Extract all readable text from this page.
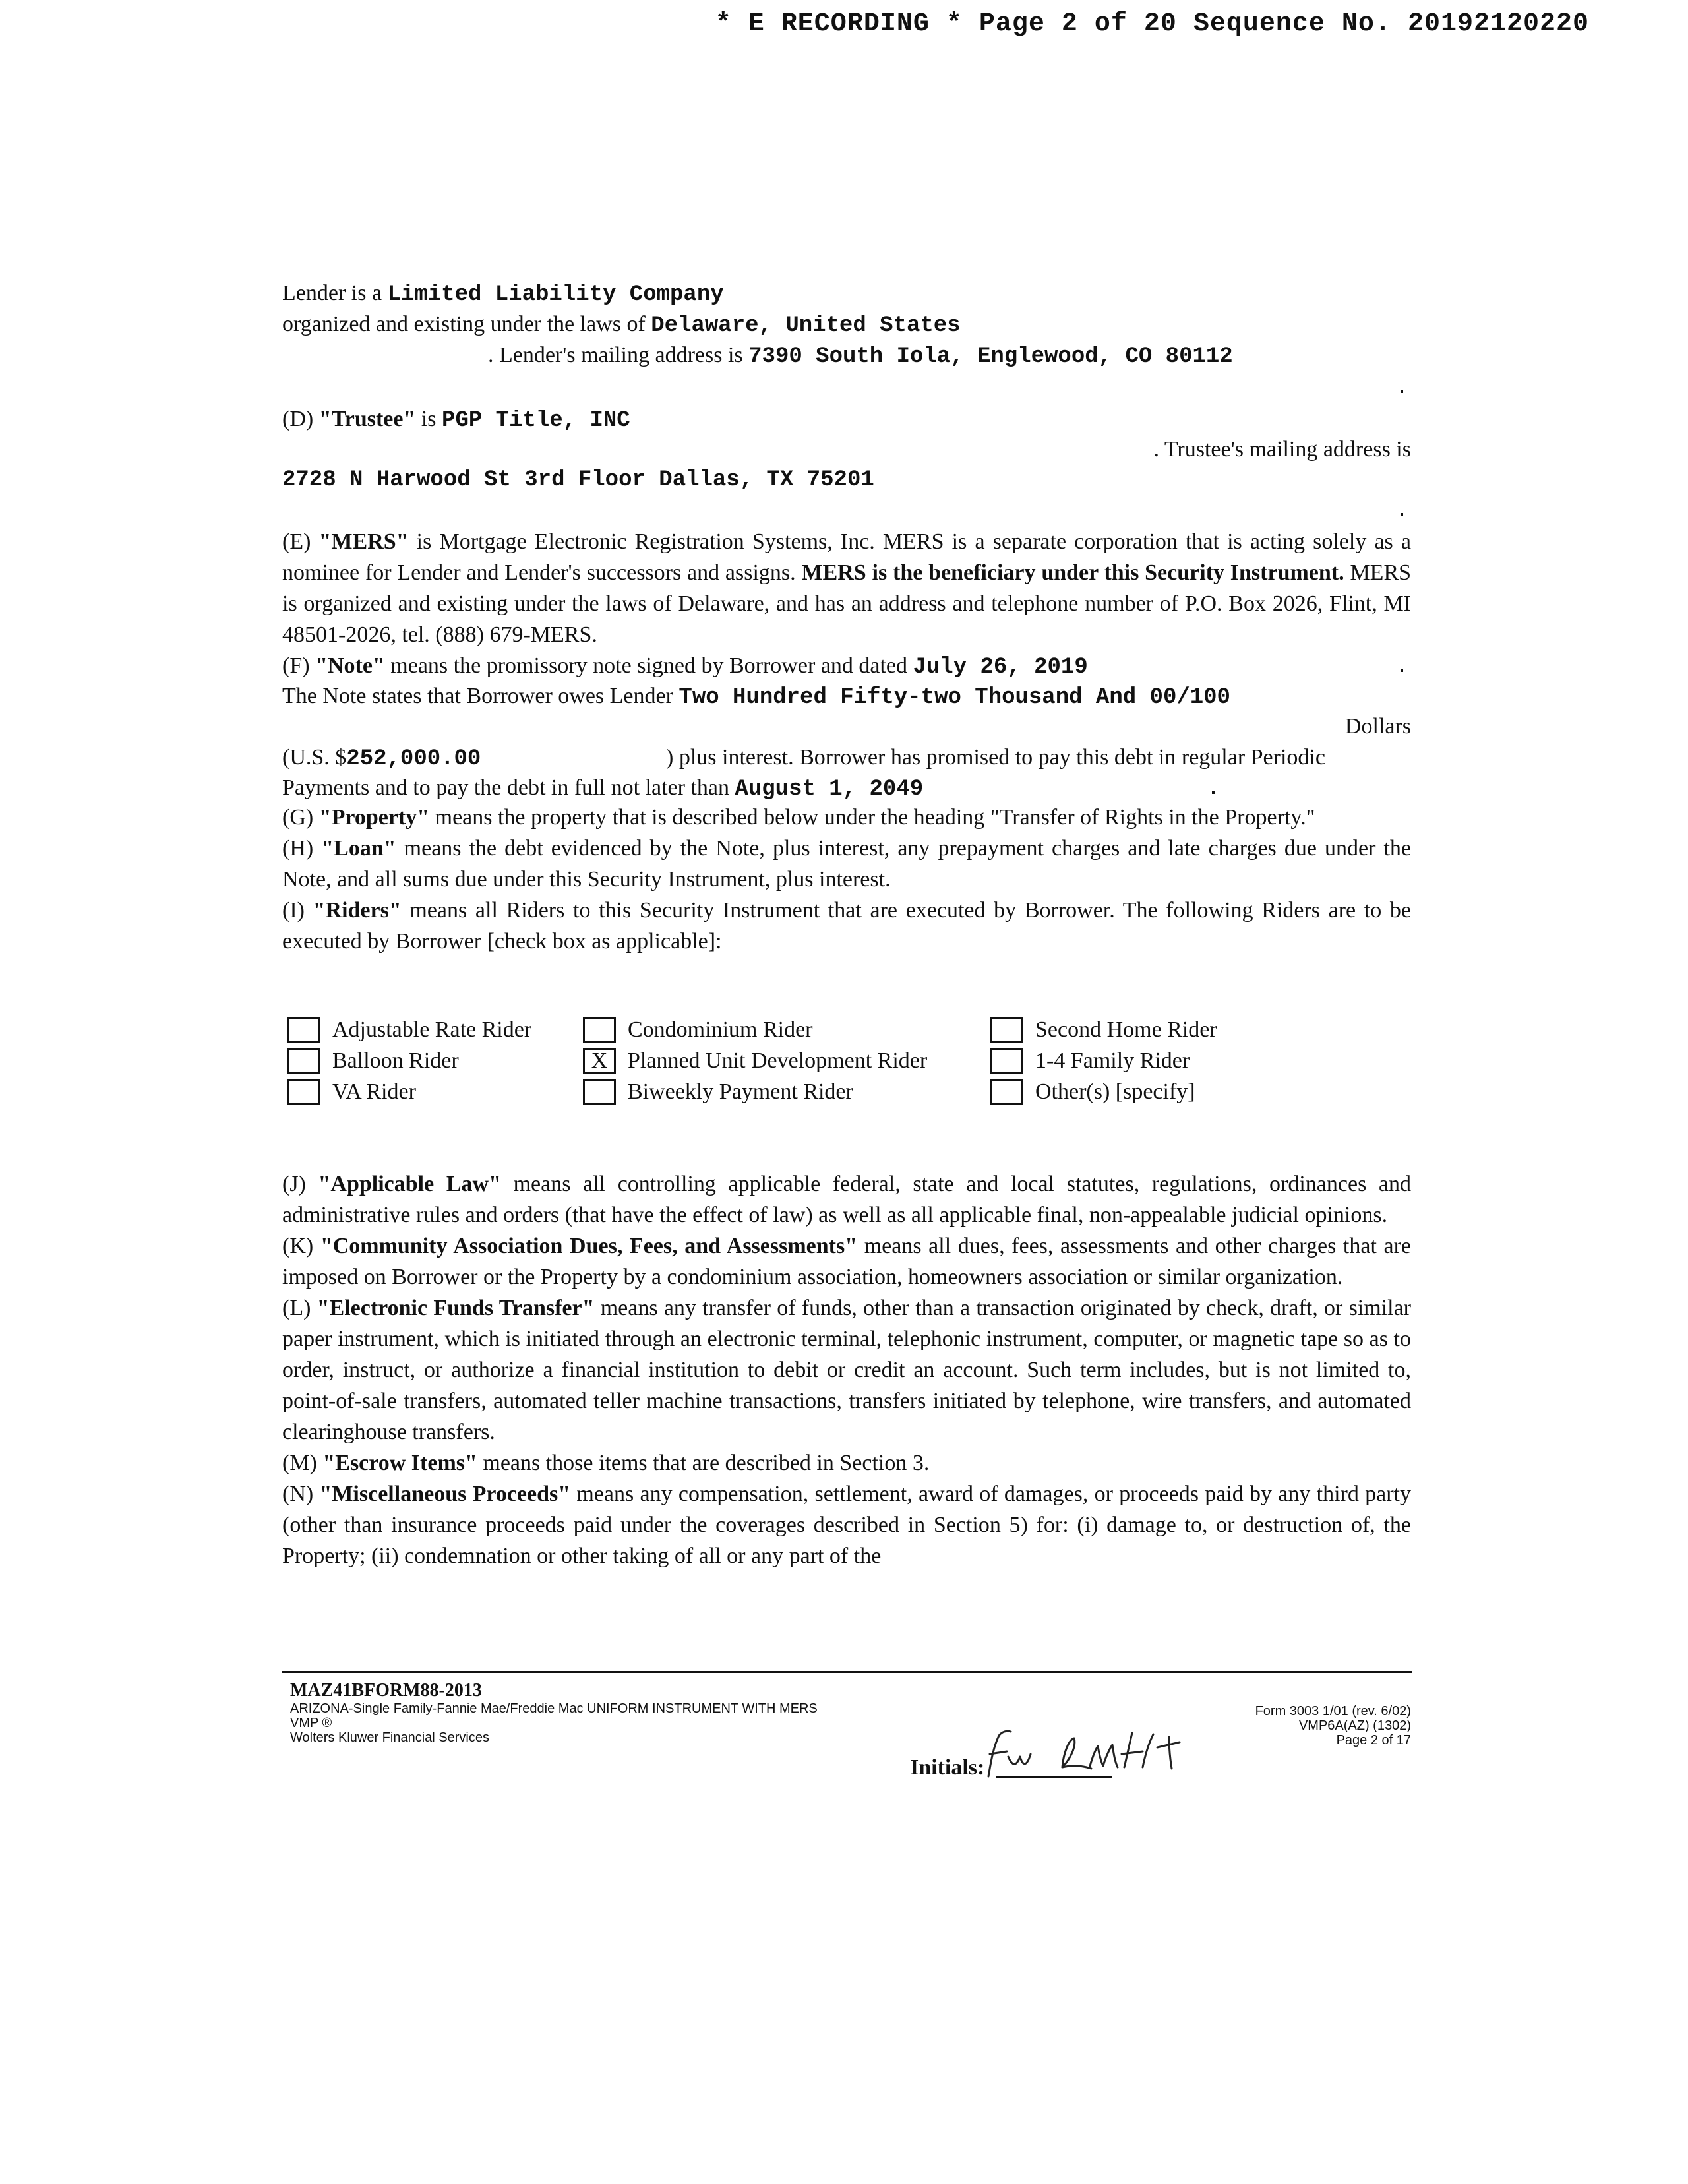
* E RECORDING * Page 2 of 20 Sequence No. 20192120220
Lender is a Limited Liability Company
organized and existing under the laws of Delaware, United States
. Lender's mailing address is 7390 South Iola, Englewood, CO 80112
(D) "Trustee" is PGP Title, INC
. Trustee's mailing address is
2728 N Harwood St 3rd Floor Dallas, TX 75201

(E) "MERS" is Mortgage Electronic Registration Systems, Inc. MERS is a separate corporation that is acting solely as a nominee for Lender and Lender's successors and assigns. MERS is the beneficiary under this Security Instrument. MERS is organized and existing under the laws of Delaware, and has an address and telephone number of P.O. Box 2026, Flint, MI 48501-2026, tel. (888) 679-MERS.

(F) "Note" means the promissory note signed by Borrower and dated July 26, 2019
The Note states that Borrower owes Lender Two Hundred Fifty-two Thousand And 00/100
Dollars
(U.S. $252,000.00	) plus interest. Borrower has promised to pay this debt in regular Periodic
Payments and to pay the debt in full not later than August 1, 2049

(G) "Property" means the property that is described below under the heading "Transfer of Rights in the Property."

(H) "Loan" means the debt evidenced by the Note, plus interest, any prepayment charges and late charges due under the Note, and all sums due under this Security Instrument, plus interest.

(I) "Riders" means all Riders to this Security Instrument that are executed by Borrower. The following Riders are to be executed by Borrower [check box as applicable]:

Adjustable Rate Rider
Balloon Rider
VA Rider
Condominium Rider
X Planned Unit Development Rider
Biweekly Payment Rider
Second Home Rider
1-4 Family Rider
Other(s) [specify]

(J) "Applicable Law" means all controlling applicable federal, state and local statutes, regulations, ordinances and administrative rules and orders (that have the effect of law) as well as all applicable final, non-appealable judicial opinions.

(K) "Community Association Dues, Fees, and Assessments" means all dues, fees, assessments and other charges that are imposed on Borrower or the Property by a condominium association, homeowners association or similar organization.

(L) "Electronic Funds Transfer" means any transfer of funds, other than a transaction originated by check, draft, or similar paper instrument, which is initiated through an electronic terminal, telephonic instrument, computer, or magnetic tape so as to order, instruct, or authorize a financial institution to debit or credit an account. Such term includes, but is not limited to, point-of-sale transfers, automated teller machine transactions, transfers initiated by telephone, wire transfers, and automated clearinghouse transfers.

(M) "Escrow Items" means those items that are described in Section 3.

(N) "Miscellaneous Proceeds" means any compensation, settlement, award of damages, or proceeds paid by any third party (other than insurance proceeds paid under the coverages described in Section 5) for: (i) damage to, or destruction of, the Property; (ii) condemnation or other taking of all or any part of the

MAZ41BFORM88-2013
ARIZONA-Single Family-Fannie Mae/Freddie Mac UNIFORM INSTRUMENT WITH MERS
VMP ®
Wolters Kluwer Financial Services
Form 3003 1/01 (rev. 6/02)
VMP6A(AZ) (1302)
Page 2 of 17
Initials:
